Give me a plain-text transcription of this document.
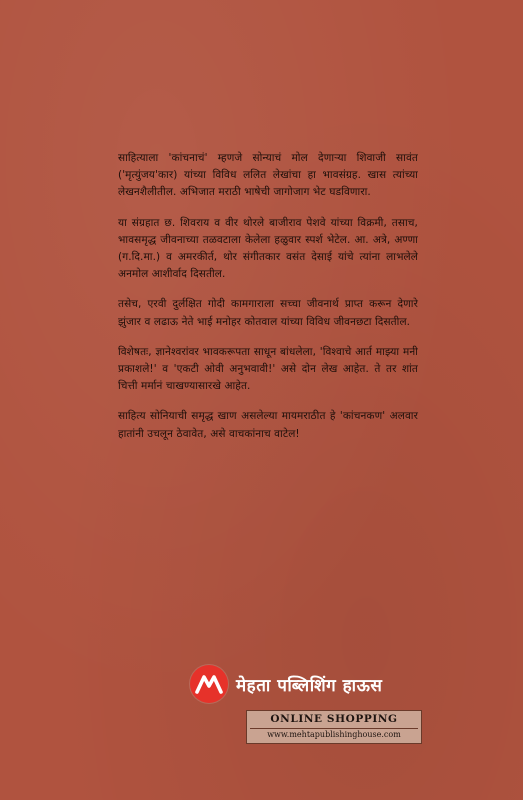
साहित्याला 'कांचनाचं' म्हणजे सोन्याचं मोल देणाऱ्या शिवाजी सावंत ('मृत्युंजय'कार) यांच्या विविध ललित लेखांचा हा भावसंग्रह. खास त्यांच्या लेखनशैलीतील. अभिजात मराठी भाषेची जागोजाग भेट घडविणारा.

या संग्रहात छ. शिवराय व वीर थोरले बाजीराव पेशवे यांच्या विक्रमी, तसाच, भावसमृद्ध जीवनाच्या तळवटाला केलेला हळुवार स्पर्श भेटेल. आ. अत्रे, अण्णा (ग.दि.मा.) व अमरकीर्त, थोर संगीतकार वसंत देसाई यांचे त्यांना लाभलेले अनमोल आशीर्वाद दिसतील.

तसेच, एरवी दुर्लक्षित गोदी कामगाराला सच्चा जीवनार्थ प्राप्त करून देणारे झुंजार व लढाऊ नेते भाई मनोहर कोतवाल यांच्या विविध जीवनछटा दिसतील.

विशेषतः, ज्ञानेश्वरांवर भावकरूपता साधून बांधलेला, 'विश्वाचे आर्त माझ्या मनी प्रकाशले!' व 'एकटी ओवी अनुभवावी!' असे दोन लेख आहेत. ते तर शांत चित्ती मर्मानं चाखण्यासारखे आहेत.

साहित्य सोनियाची समृद्ध खाण असलेल्या मायमराठीत हे 'कांचनकण' अलवार हातांनी उचलून ठेवावेत, असे वाचकांनाच वाटेल!

मेहता पब्लिशिंग हाऊस
ONLINE SHOPPING
www.mehtapublishinghouse.com
